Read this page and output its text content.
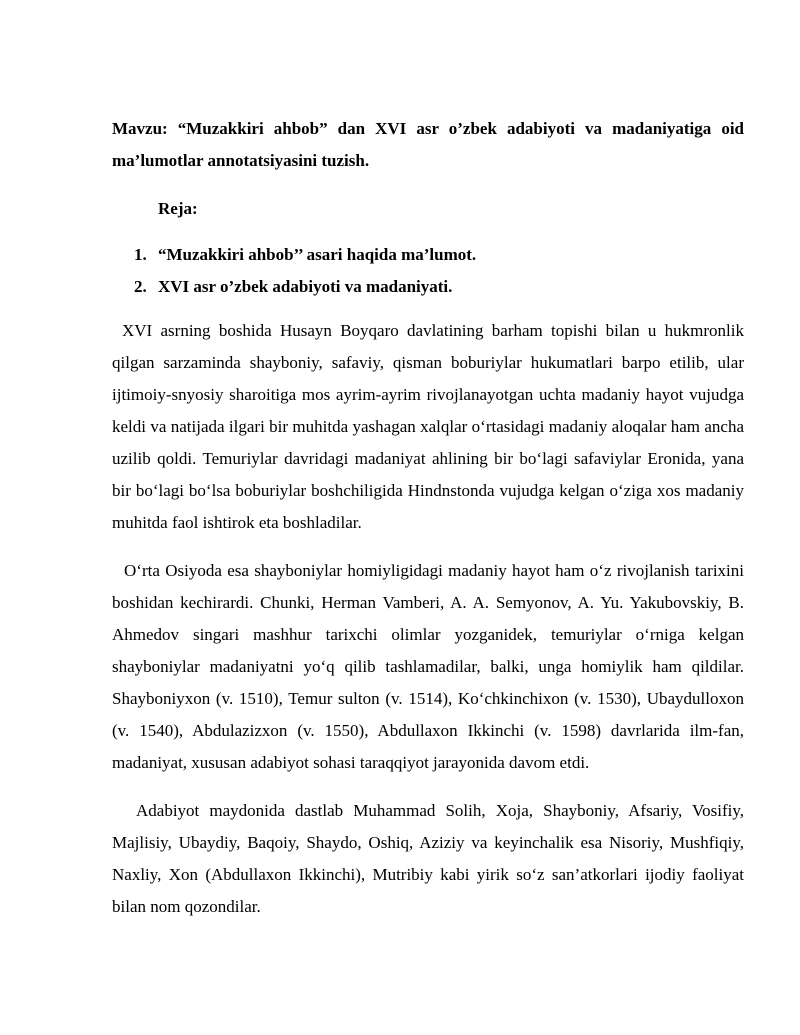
Mavzu: “Muzakkiri ahbob” dan XVI asr o’zbek adabiyoti va madaniyatiga oid ma’lumotlar annotatsiyasini tuzish.

Reja:
1. “Muzakkiri ahbob’’ asari haqida ma’lumot.
2. XVI asr o’zbek adabiyoti va madaniyati.

XVI asrning boshida Husayn Boyqaro davlatining barham topishi bilan u hukmronlik qilgan sarzaminda shayboniy, safaviy, qisman boburiylar hukumatlari barpo etilib, ular ijtimoiy-snyosiy sharoitiga mos ayrim-ayrim rivojlanayotgan uchta madaniy hayot vujudga keldi va natijada ilgari bir muhitda yashagan xalqlar o‘rtasidagi madaniy aloqalar ham ancha uzilib qoldi. Temuriylar davridagi madaniyat ahlining bir bo‘lagi safaviylar Eronida, yana bir bo‘lagi bo‘lsa boburiylar boshchiligida Hindnstonda vujudga kelgan o‘ziga xos madaniy muhitda faol ishtirok eta boshladilar.

O‘rta Osiyoda esa shayboniylar homiyligidagi madaniy hayot ham o‘z rivojlanish tarixini boshidan kechirardi. Chunki, Herman Vamberi, A. A. Semyonov, A. Yu. Yakubovskiy, B. Ahmedov singari mashhur tarixchi olimlar yozganidek, temuriylar o‘rniga kelgan shayboniylar madaniyatni yo‘q qilib tashlamadilar, balki, unga homiylik ham qildilar. Shayboniyxon (v. 1510), Temur sulton (v. 1514), Ko‘chkinchixon (v. 1530), Ubaydulloxon (v. 1540), Abdulazizxon (v. 1550), Abdullaxon Ikkinchi (v. 1598) davrlarida ilm-fan, madaniyat, xususan adabiyot sohasi taraqqiyot jarayonida davom etdi.

Adabiyot maydonida dastlab Muhammad Solih, Xoja, Shayboniy, Afsariy, Vosifiy, Majlisiy, Ubaydiy, Baqoiy, Shaydo, Oshiq, Aziziy va keyinchalik esa Nisoriy, Mushfiqiy, Naxliy, Xon (Abdullaxon Ikkinchi), Mutribiy kabi yirik so‘z san’atkorlari ijodiy faoliyat bilan nom qozondilar.
